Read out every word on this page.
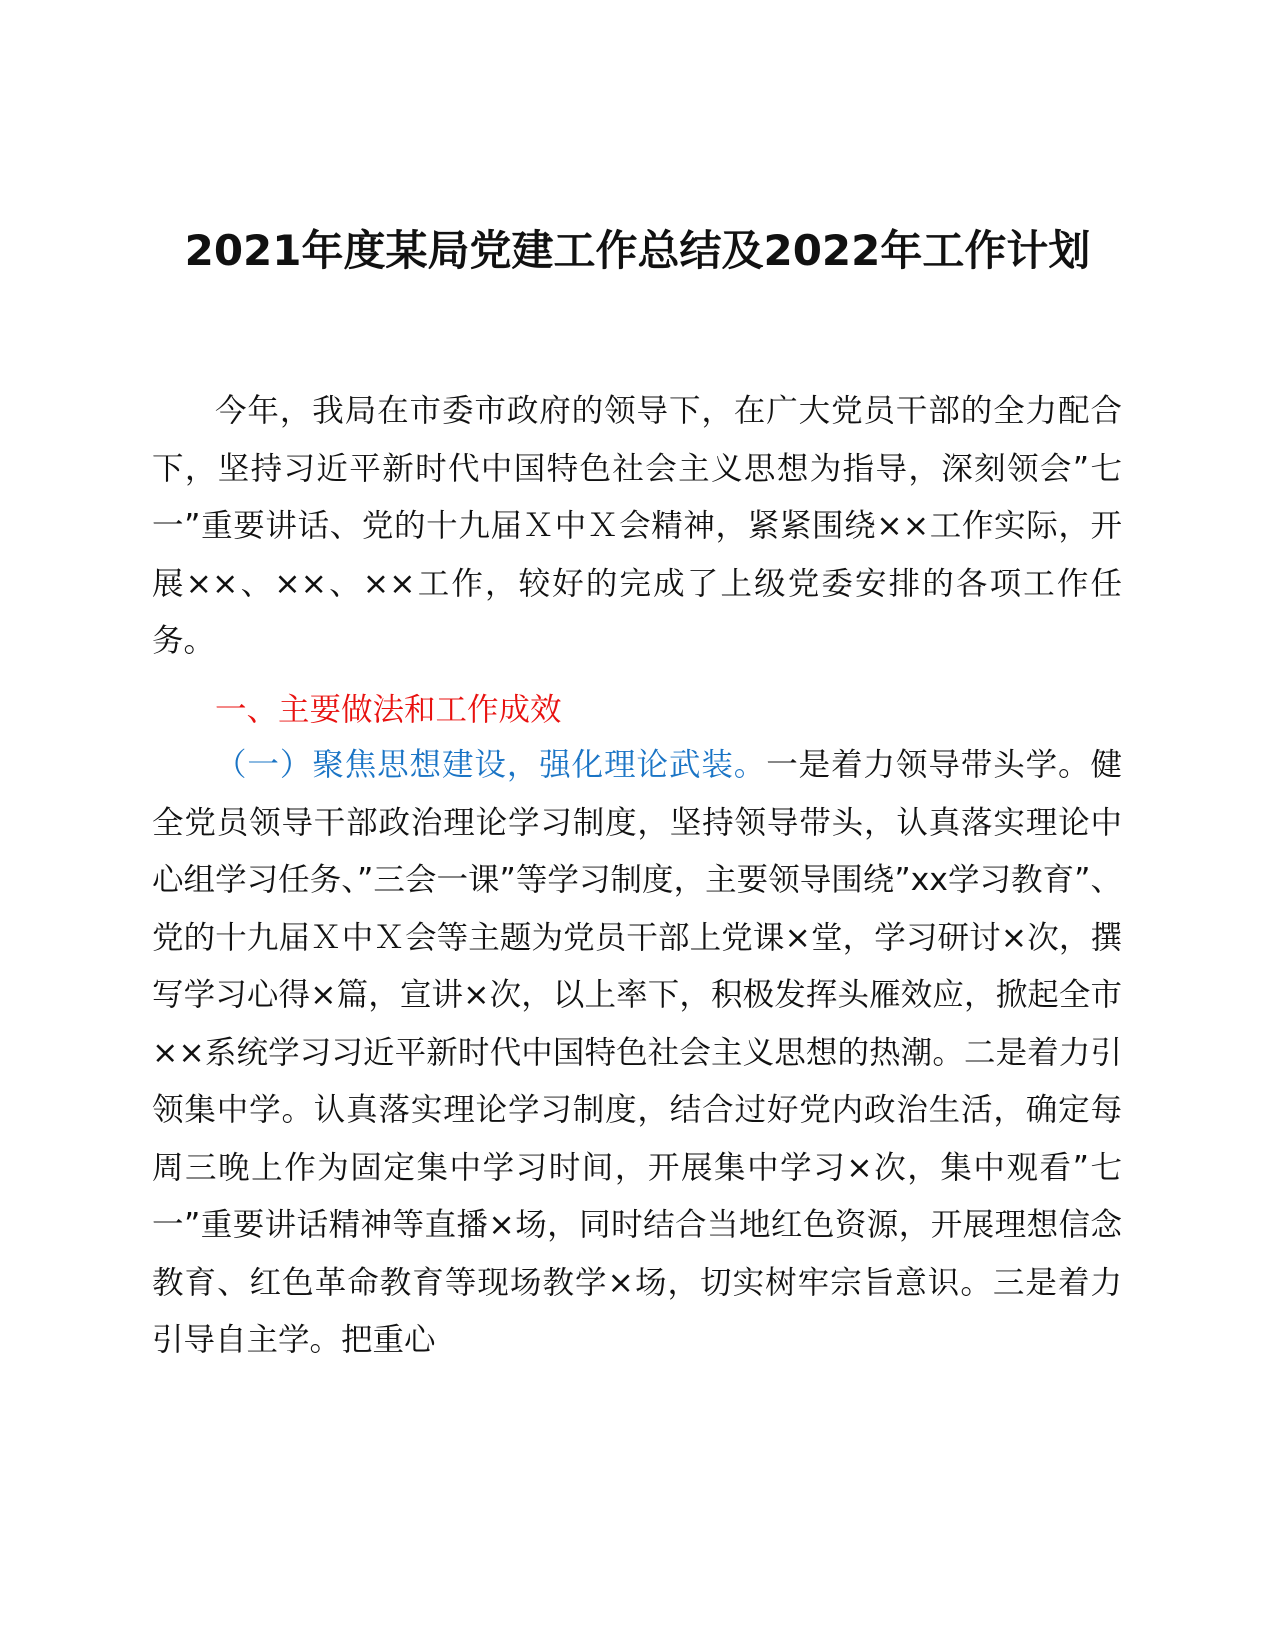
2021年度某局党建工作总结及2022年工作计划

今年，我局在市委市政府的领导下，在广大党员干部的全力配合下，坚持习近平新时代中国特色社会主义思想为指导，深刻领会”七一”重要讲话、党的十九届Ｘ中Ｘ会精神，紧紧围绕××工作实际，开展××、××、××工作，较好的完成了上级党委安排的各项工作任务。

一、主要做法和工作成效

（一）聚焦思想建设，强化理论武装。一是着力领导带头学。健全党员领导干部政治理论学习制度，坚持领导带头，认真落实理论中心组学习任务、”三会一课”等学习制度，主要领导围绕”xx学习教育”、党的十九届Ｘ中Ｘ会等主题为党员干部上党课×堂，学习研讨×次，撰写学习心得×篇，宣讲×次，以上率下，积极发挥头雁效应，掀起全市××系统学习习近平新时代中国特色社会主义思想的热潮。二是着力引领集中学。认真落实理论学习制度，结合过好党内政治生活，确定每周三晚上作为固定集中学习时间，开展集中学习×次，集中观看”七一”重要讲话精神等直播×场，同时结合当地红色资源，开展理想信念教育、红色革命教育等现场教学×场，切实树牢宗旨意识。三是着力引导自主学。把重心
